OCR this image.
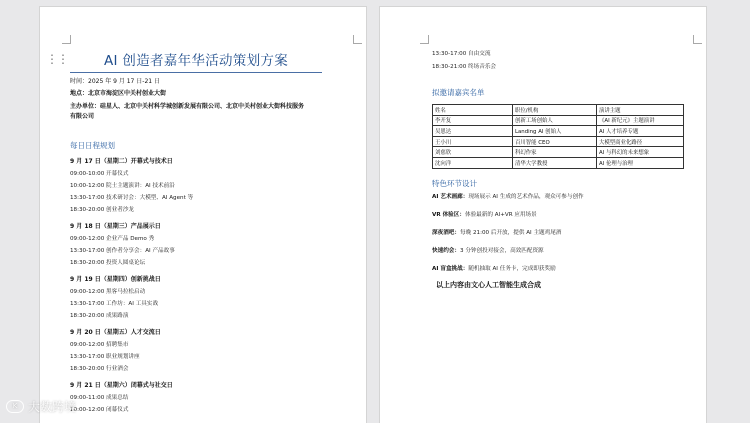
⋮⋮	AI 创造者嘉年华活动策划方案
时间：2025 年 9 月 17 日-21 日
地点：北京市海淀区中关村创业大街
主办单位：硅星人、北京中关村科学城创新发展有限公司、北京中关村创业大街科技服务
有限公司
每日日程规划
9 月 17 日（星期二）开幕式与技术日
09:00-10:00 开幕仪式
10:00-12:00 院士主题演讲：AI 技术前沿
13:30-17:00 技术研讨会：大模型、AI Agent 等
18:30-20:00 创业者沙龙
9 月 18 日（星期三）产品展示日
09:00-12:00 企业产品 Demo 秀
13:30-17:00 创作者分享会：AI 产品故事
18:30-20:00 投资人圆桌论坛
9 月 19 日（星期四）创新挑战日
09:00-12:00 黑客马拉松启动
13:30-17:00 工作坊：AI 工具实战
18:30-20:00 成果路演
9 月 20 日（星期五）人才交流日
09:00-12:00 招聘集市
13:30-17:00 职业规划讲座
18:30-20:00 行业酒会
9 月 21 日（星期六）闭幕式与社交日
09:00-11:00 成果总结
10:00-12:00 闭幕仪式
13:30-17:00 自由交流
18:30-21:00 终场音乐会
拟邀请嘉宾名单
姓名	职位/机构	演讲主题
李开复	创新工场创始人	《AI 新纪元》主题演讲
吴恩达	Landing AI 创始人	AI 人才培养专题
王小川	百川智能 CEO	大模型商业化路径
刘慈欣	科幻作家	AI 与科幻的未来想象
沈向洋	清华大学教授	AI 伦理与治理
特色环节设计
AI 艺术画廊：现场展示 AI 生成的艺术作品，观众可参与创作
VR 体验区：体验最新的 AI+VR 应用场景
深夜酒吧：每晚 21:00 后开放，提供 AI 主题鸡尾酒
快速约会：3 分钟创投对接会，高效匹配资源
AI 盲盒挑战：随机抽取 AI 任务卡，完成即获奖励
以上内容由文心人工智能生成合成
K 大数跨境
